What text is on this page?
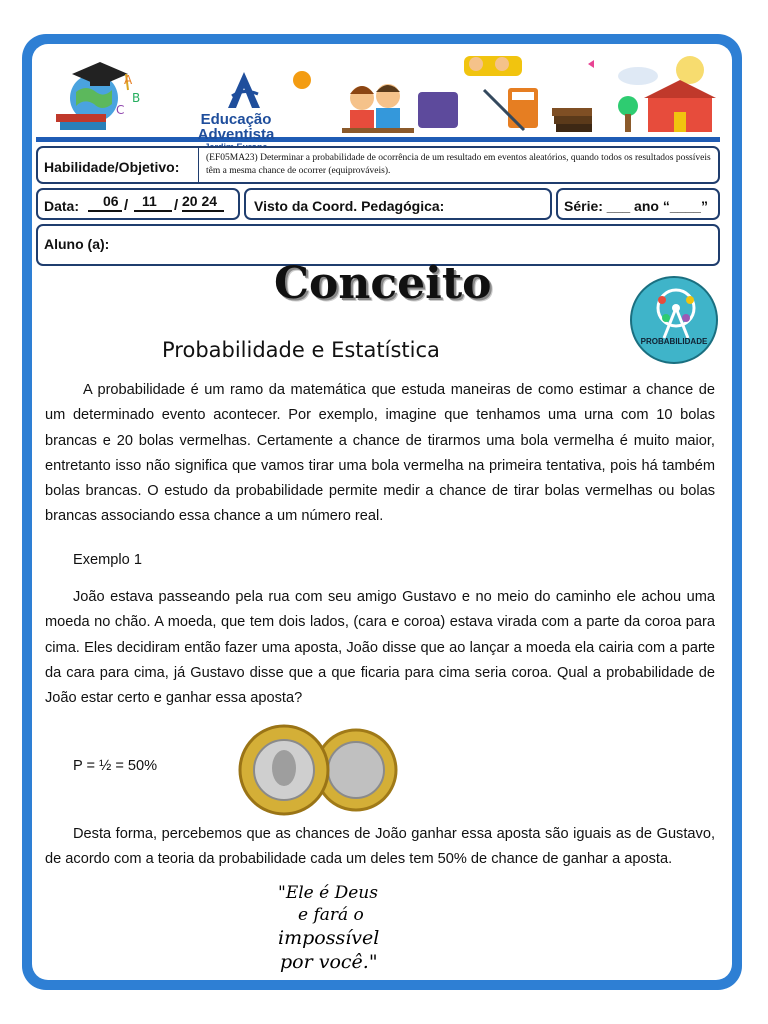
A
B
C
Educação
Adventista
Habilidade/Objetivo:
(EF05MA23) Determinar a probabilidade de ocorrência de um resultado em eventos aleatórios, quando todos os resultados possíveis têm a mesma chance de ocorrer (equiprováveis).
Data: 06 / 11 / 20 24	Visto da Coord. Pedagógica:	Série: ___ ano “____”
Aluno (a):
Conceito
Probabilidade e Estatística	PROBABILIDADE
A probabilidade é um ramo da matemática que estuda maneiras de como estimar a chance de um determinado evento acontecer. Por exemplo, imagine que tenhamos uma urna com 10 bolas brancas e 20 bolas vermelhas. Certamente a chance de tirarmos uma bola vermelha é muito maior, entretanto isso não significa que vamos tirar uma bola vermelha na primeira tentativa, pois há também bolas brancas. O estudo da probabilidade permite medir a chance de tirar bolas vermelhas ou bolas brancas associando essa chance a um número real.
Exemplo 1
João estava passeando pela rua com seu amigo Gustavo e no meio do caminho ele achou uma moeda no chão. A moeda, que tem dois lados, (cara e coroa) estava virada com a parte da coroa para cima. Eles decidiram então fazer uma aposta, João disse que ao lançar a moeda ela cairia com a parte da cara para cima, já Gustavo disse que a que ficaria para cima seria coroa. Qual a probabilidade de João estar certo e ganhar essa aposta?
P = ½ = 50%
Desta forma, percebemos que as chances de João ganhar essa aposta são iguais as de Gustavo, de acordo com a teoria da probabilidade cada um deles tem 50% de chance de ganhar a aposta.
"Ele é Deus
e fará o
impossível
por você."
